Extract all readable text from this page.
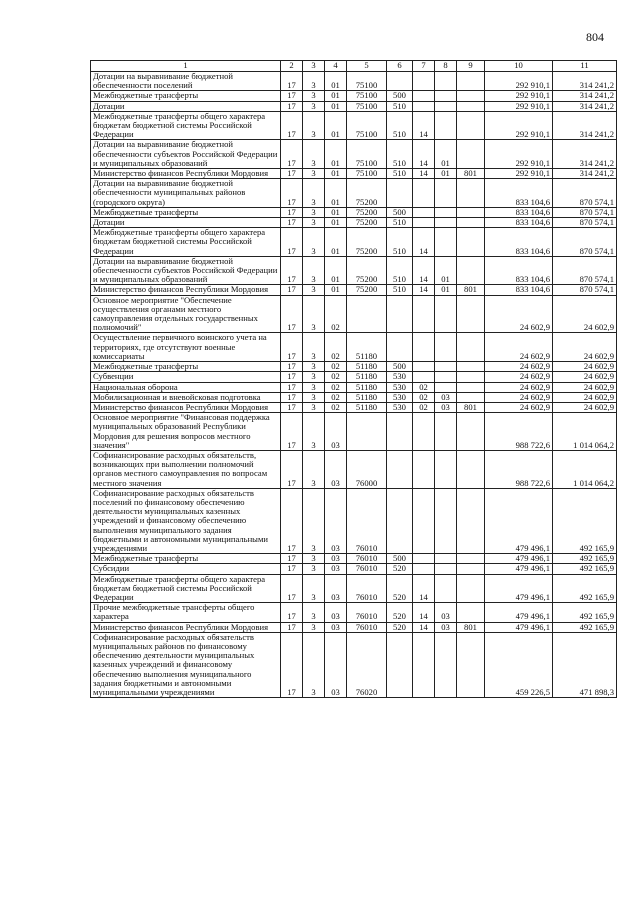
804
1	2	3	4	5	6	7	8	9	10	11
Дотации на выравнивание бюджетной обеспеченности поселений	17	3	01	75100					292 910,1	314 241,2
Межбюджетные трансферты	17	3	01	75100	500				292 910,1	314 241,2
Дотации	17	3	01	75100	510				292 910,1	314 241,2
Межбюджетные трансферты общего характера бюджетам бюджетной системы Российской Федерации	17	3	01	75100	510	14			292 910,1	314 241,2
Дотации на выравнивание бюджетной обеспеченности субъектов Российской Федерации и муниципальных образований	17	3	01	75100	510	14	01		292 910,1	314 241,2
Министерство финансов Республики Мордовия	17	3	01	75100	510	14	01	801	292 910,1	314 241,2
Дотации на выравнивание бюджетной обеспеченности муниципальных районов (городского округа)	17	3	01	75200					833 104,6	870 574,1
Межбюджетные трансферты	17	3	01	75200	500				833 104,6	870 574,1
Дотации	17	3	01	75200	510				833 104,6	870 574,1
Межбюджетные трансферты общего характера бюджетам бюджетной системы Российской Федерации	17	3	01	75200	510	14			833 104,6	870 574,1
Дотации на выравнивание бюджетной обеспеченности субъектов Российской Федерации и муниципальных образований	17	3	01	75200	510	14	01		833 104,6	870 574,1
Министерство финансов Республики Мордовия	17	3	01	75200	510	14	01	801	833 104,6	870 574,1
Основное мероприятие "Обеспечение осуществления органами местного самоуправления отдельных государственных полномочий"	17	3	02						24 602,9	24 602,9
Осуществление первичного воинского учета на территориях, где отсутствуют военные комиссариаты	17	3	02	51180					24 602,9	24 602,9
Межбюджетные трансферты	17	3	02	51180	500				24 602,9	24 602,9
Субвенции	17	3	02	51180	530				24 602,9	24 602,9
Национальная оборона	17	3	02	51180	530	02			24 602,9	24 602,9
Мобилизационная и вневойсковая подготовка	17	3	02	51180	530	02	03		24 602,9	24 602,9
Министерство финансов Республики Мордовия	17	3	02	51180	530	02	03	801	24 602,9	24 602,9
Основное мероприятие "Финансовая поддержка муниципальных образований Республики Мордовия для решения вопросов местного значения"	17	3	03						988 722,6	1 014 064,2
Софинансирование расходных обязательств, возникающих при выполнении полномочий органов местного самоуправления по вопросам местного значения	17	3	03	76000					988 722,6	1 014 064,2
Софинансирование расходных обязательств поселений по финансовому обеспечению деятельности муниципальных казенных учреждений и финансовому обеспечению выполнения муниципального задания бюджетными и автономными муниципальными учреждениями	17	3	03	76010					479 496,1	492 165,9
Межбюджетные трансферты	17	3	03	76010	500				479 496,1	492 165,9
Субсидии	17	3	03	76010	520				479 496,1	492 165,9
Межбюджетные трансферты общего характера бюджетам бюджетной системы Российской Федерации	17	3	03	76010	520	14			479 496,1	492 165,9
Прочие межбюджетные трансферты общего характера	17	3	03	76010	520	14	03		479 496,1	492 165,9
Министерство финансов Республики Мордовия	17	3	03	76010	520	14	03	801	479 496,1	492 165,9
Софинансирование расходных обязательств муниципальных районов по финансовому обеспечению деятельности муниципальных казенных учреждений и финансовому обеспечению выполнения муниципального задания бюджетными и автономными муниципальными учреждениями	17	3	03	76020					459 226,5	471 898,3
